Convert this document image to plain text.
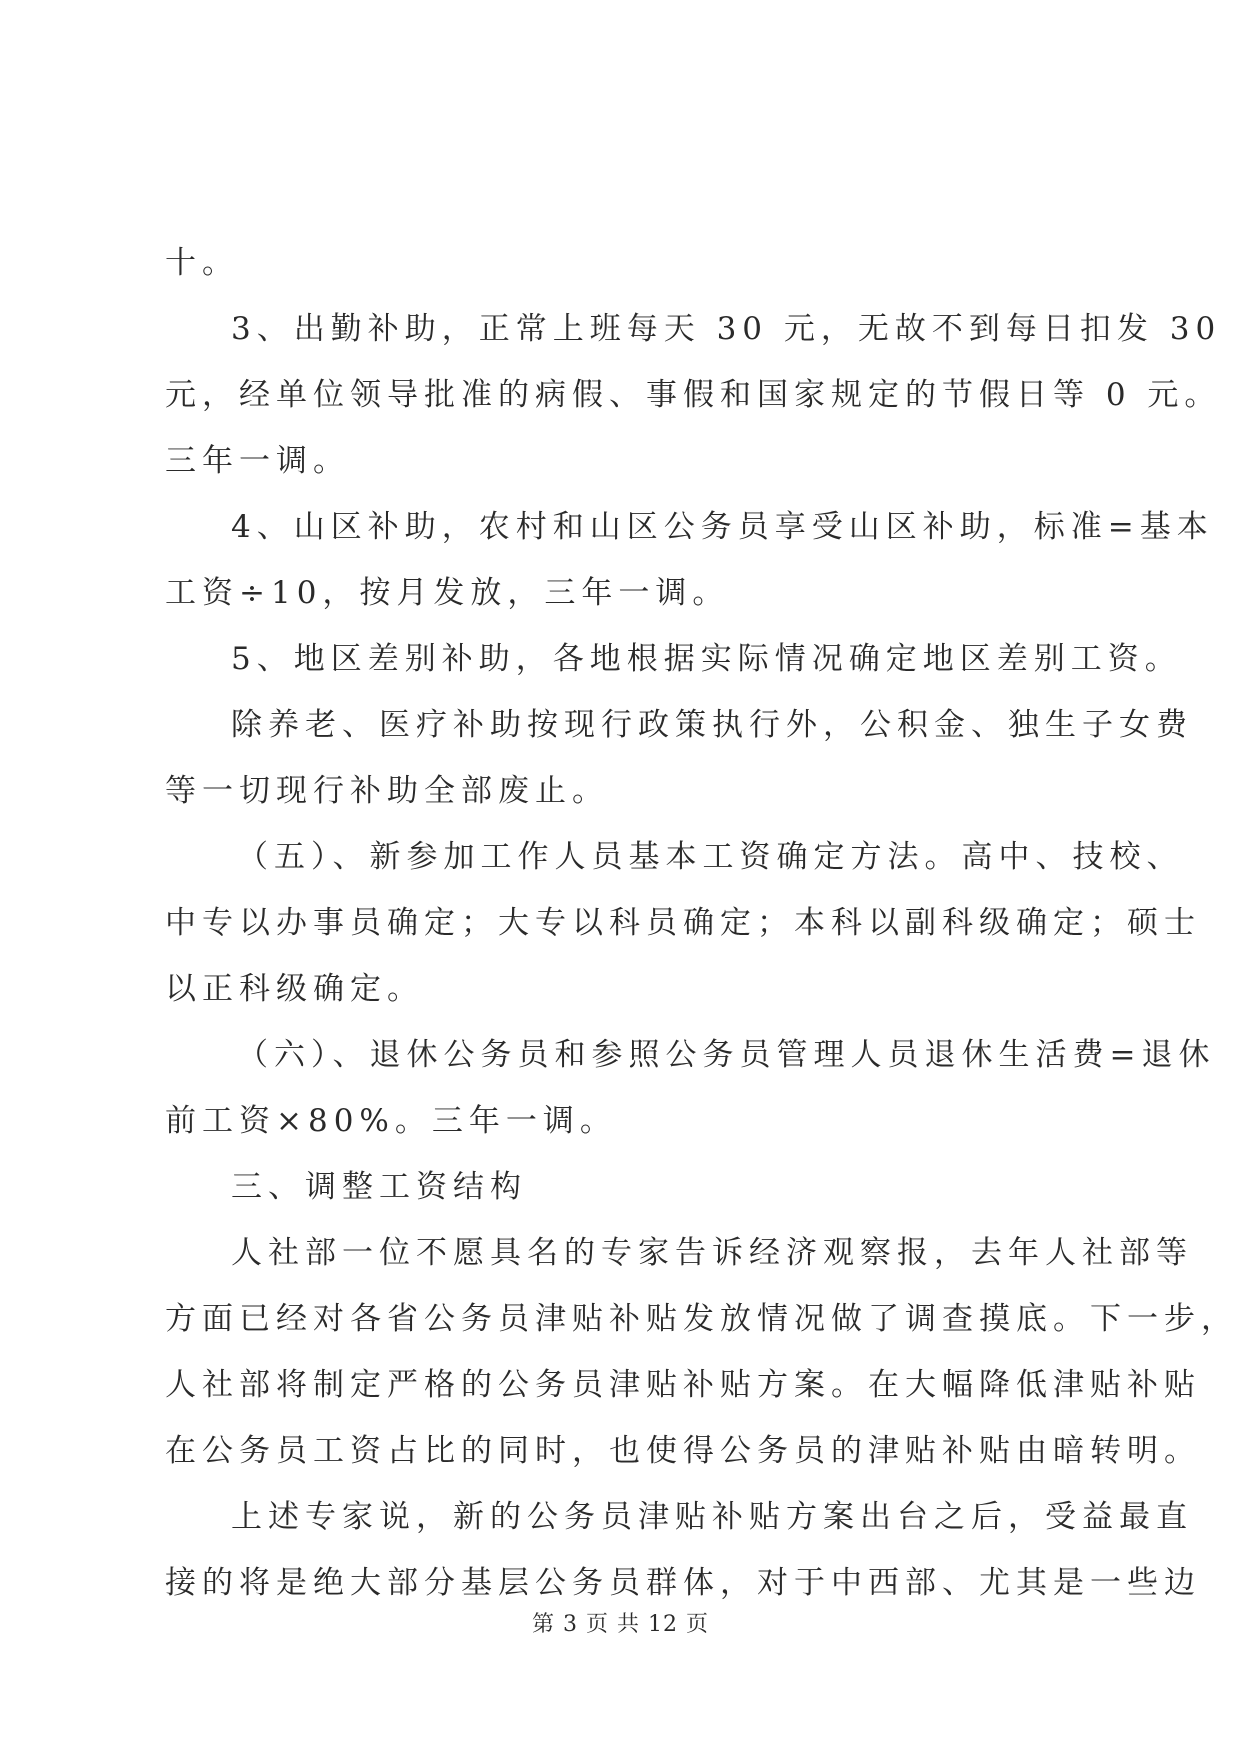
十。
3、出勤补助，正常上班每天 30 元，无故不到每日扣发 30
元，经单位领导批准的病假、事假和国家规定的节假日等 0 元。
三年一调。
4、山区补助，农村和山区公务员享受山区补助，标准=基本
工资÷10，按月发放，三年一调。
5、地区差别补助，各地根据实际情况确定地区差别工资。
除养老、医疗补助按现行政策执行外，公积金、独生子女费
等一切现行补助全部废止。
（五）、新参加工作人员基本工资确定方法。高中、技校、
中专以办事员确定；大专以科员确定；本科以副科级确定；硕士
以正科级确定。
（六）、退休公务员和参照公务员管理人员退休生活费=退休
前工资×80%。三年一调。
三、调整工资结构
人社部一位不愿具名的专家告诉经济观察报，去年人社部等
方面已经对各省公务员津贴补贴发放情况做了调查摸底。下一步，
人社部将制定严格的公务员津贴补贴方案。在大幅降低津贴补贴
在公务员工资占比的同时，也使得公务员的津贴补贴由暗转明。
上述专家说，新的公务员津贴补贴方案出台之后，受益最直
接的将是绝大部分基层公务员群体，对于中西部、尤其是一些边
第 3 页 共 12 页
